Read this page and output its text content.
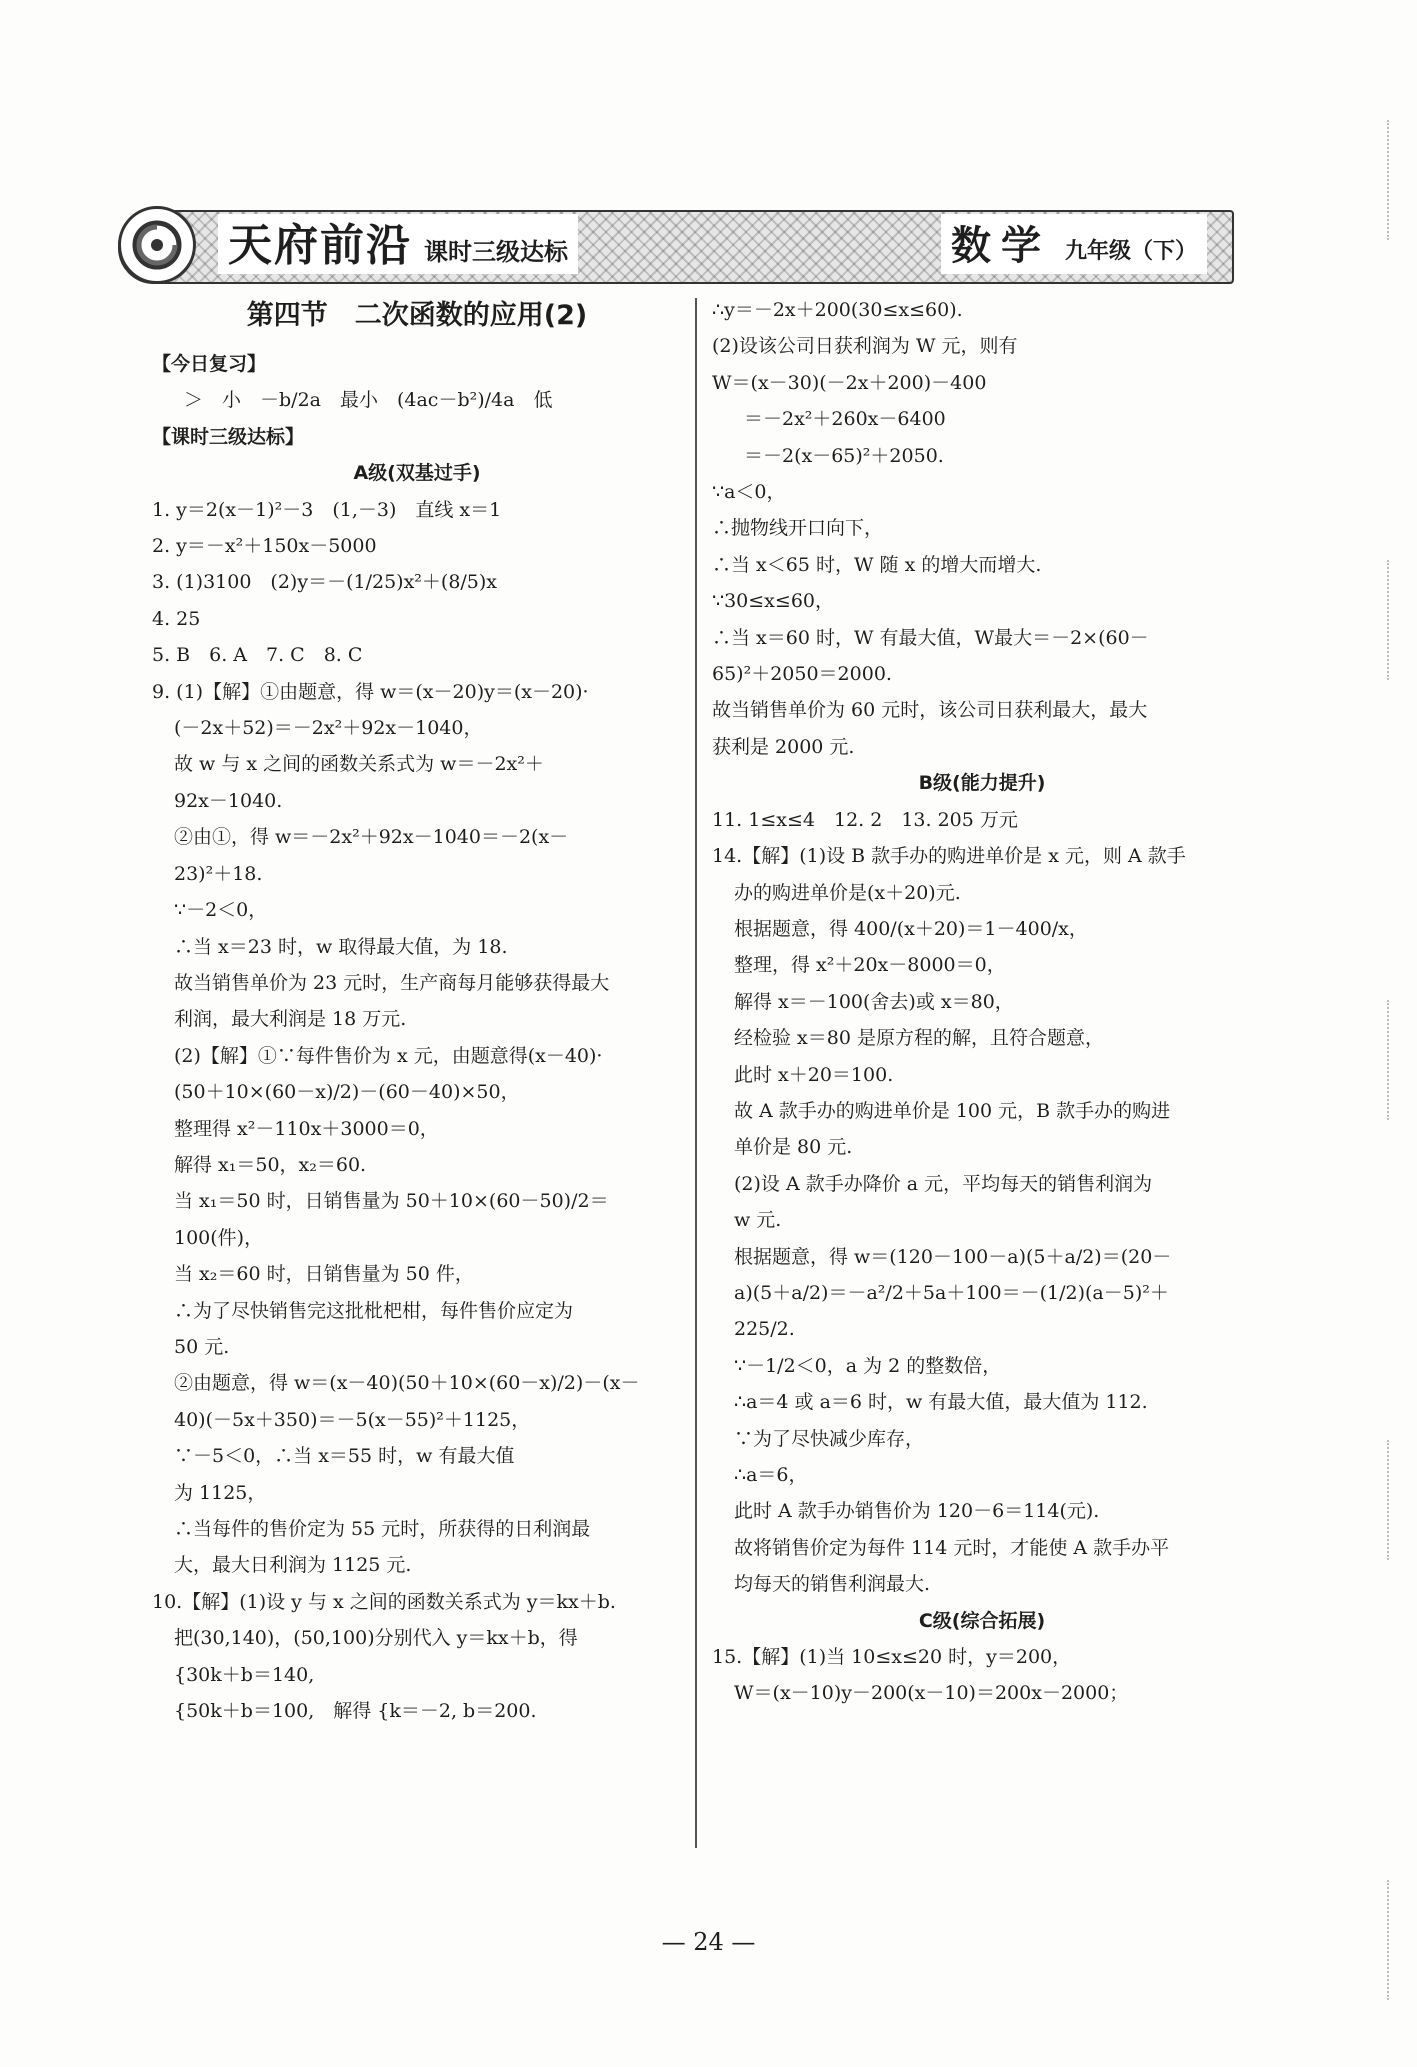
天府前沿 课时三级达标	数学 九年级（下）
第四节　二次函数的应用(2)
【今日复习】
＞　小　－b/2a　最小　(4ac－b²)/4a　低
【课时三级达标】
A级(双基过手)
1. y＝2(x－1)²－3　(1,－3)　直线 x＝1
2. y＝－x²＋150x－5000
3. (1)3100　(2)y＝－(1/25)x²＋(8/5)x
4. 25
5. B　6. A　7. C　8. C
9. (1)【解】①由题意，得 w＝(x－20)y＝(x－20)·
(－2x＋52)＝－2x²＋92x－1040，
故 w 与 x 之间的函数关系式为 w＝－2x²＋
92x－1040.
②由①，得 w＝－2x²＋92x－1040＝－2(x－
23)²＋18.
∵－2＜0，
∴当 x＝23 时，w 取得最大值，为 18.
故当销售单价为 23 元时，生产商每月能够获得最大
利润，最大利润是 18 万元.
(2)【解】①∵每件售价为 x 元，由题意得(x－40)·
(50＋10×(60－x)/2)－(60－40)×50，
整理得 x²－110x＋3000＝0，
解得 x₁＝50，x₂＝60.
当 x₁＝50 时，日销售量为 50＋10×(60－50)/2＝
100(件)，
当 x₂＝60 时，日销售量为 50 件，
∴为了尽快销售完这批枇杷柑，每件售价应定为
50 元.
②由题意，得 w＝(x－40)(50＋10×(60－x)/2)－(x－
40)(－5x＋350)＝－5(x－55)²＋1125，
∵－5＜0，∴当 x＝55 时，w 有最大值
为 1125，
∴当每件的售价定为 55 元时，所获得的日利润最
大，最大日利润为 1125 元.
10.【解】(1)设 y 与 x 之间的函数关系式为 y＝kx＋b.
把(30,140)，(50,100)分别代入 y＝kx＋b，得
{30k＋b＝140,
{50k＋b＝100,　解得 {k＝－2, b＝200.
∴y＝－2x＋200(30≤x≤60).
(2)设该公司日获利润为 W 元，则有
W＝(x－30)(－2x＋200)－400
＝－2x²＋260x－6400
＝－2(x－65)²＋2050.
∵a＜0，
∴抛物线开口向下，
∴当 x＜65 时，W 随 x 的增大而增大.
∵30≤x≤60，
∴当 x＝60 时，W 有最大值，W最大＝－2×(60－
65)²＋2050＝2000.
故当销售单价为 60 元时，该公司日获利最大，最大
获利是 2000 元.
B级(能力提升)
11. 1≤x≤4　12. 2　13. 205 万元
14.【解】(1)设 B 款手办的购进单价是 x 元，则 A 款手
办的购进单价是(x＋20)元.
根据题意，得 400/(x＋20)＝1－400/x，
整理，得 x²＋20x－8000＝0，
解得 x＝－100(舍去)或 x＝80，
经检验 x＝80 是原方程的解，且符合题意，
此时 x＋20＝100.
故 A 款手办的购进单价是 100 元，B 款手办的购进
单价是 80 元.
(2)设 A 款手办降价 a 元，平均每天的销售利润为
w 元.
根据题意，得 w＝(120－100－a)(5＋a/2)＝(20－
a)(5＋a/2)＝－a²/2＋5a＋100＝－(1/2)(a－5)²＋
225/2.
∵－1/2＜0，a 为 2 的整数倍，
∴a＝4 或 a＝6 时，w 有最大值，最大值为 112.
∵为了尽快减少库存，
∴a＝6，
此时 A 款手办销售价为 120－6＝114(元).
故将销售价定为每件 114 元时，才能使 A 款手办平
均每天的销售利润最大.
C级(综合拓展)
15.【解】(1)当 10≤x≤20 时，y＝200，
W＝(x－10)y－200(x－10)＝200x－2000；
— 24 —
